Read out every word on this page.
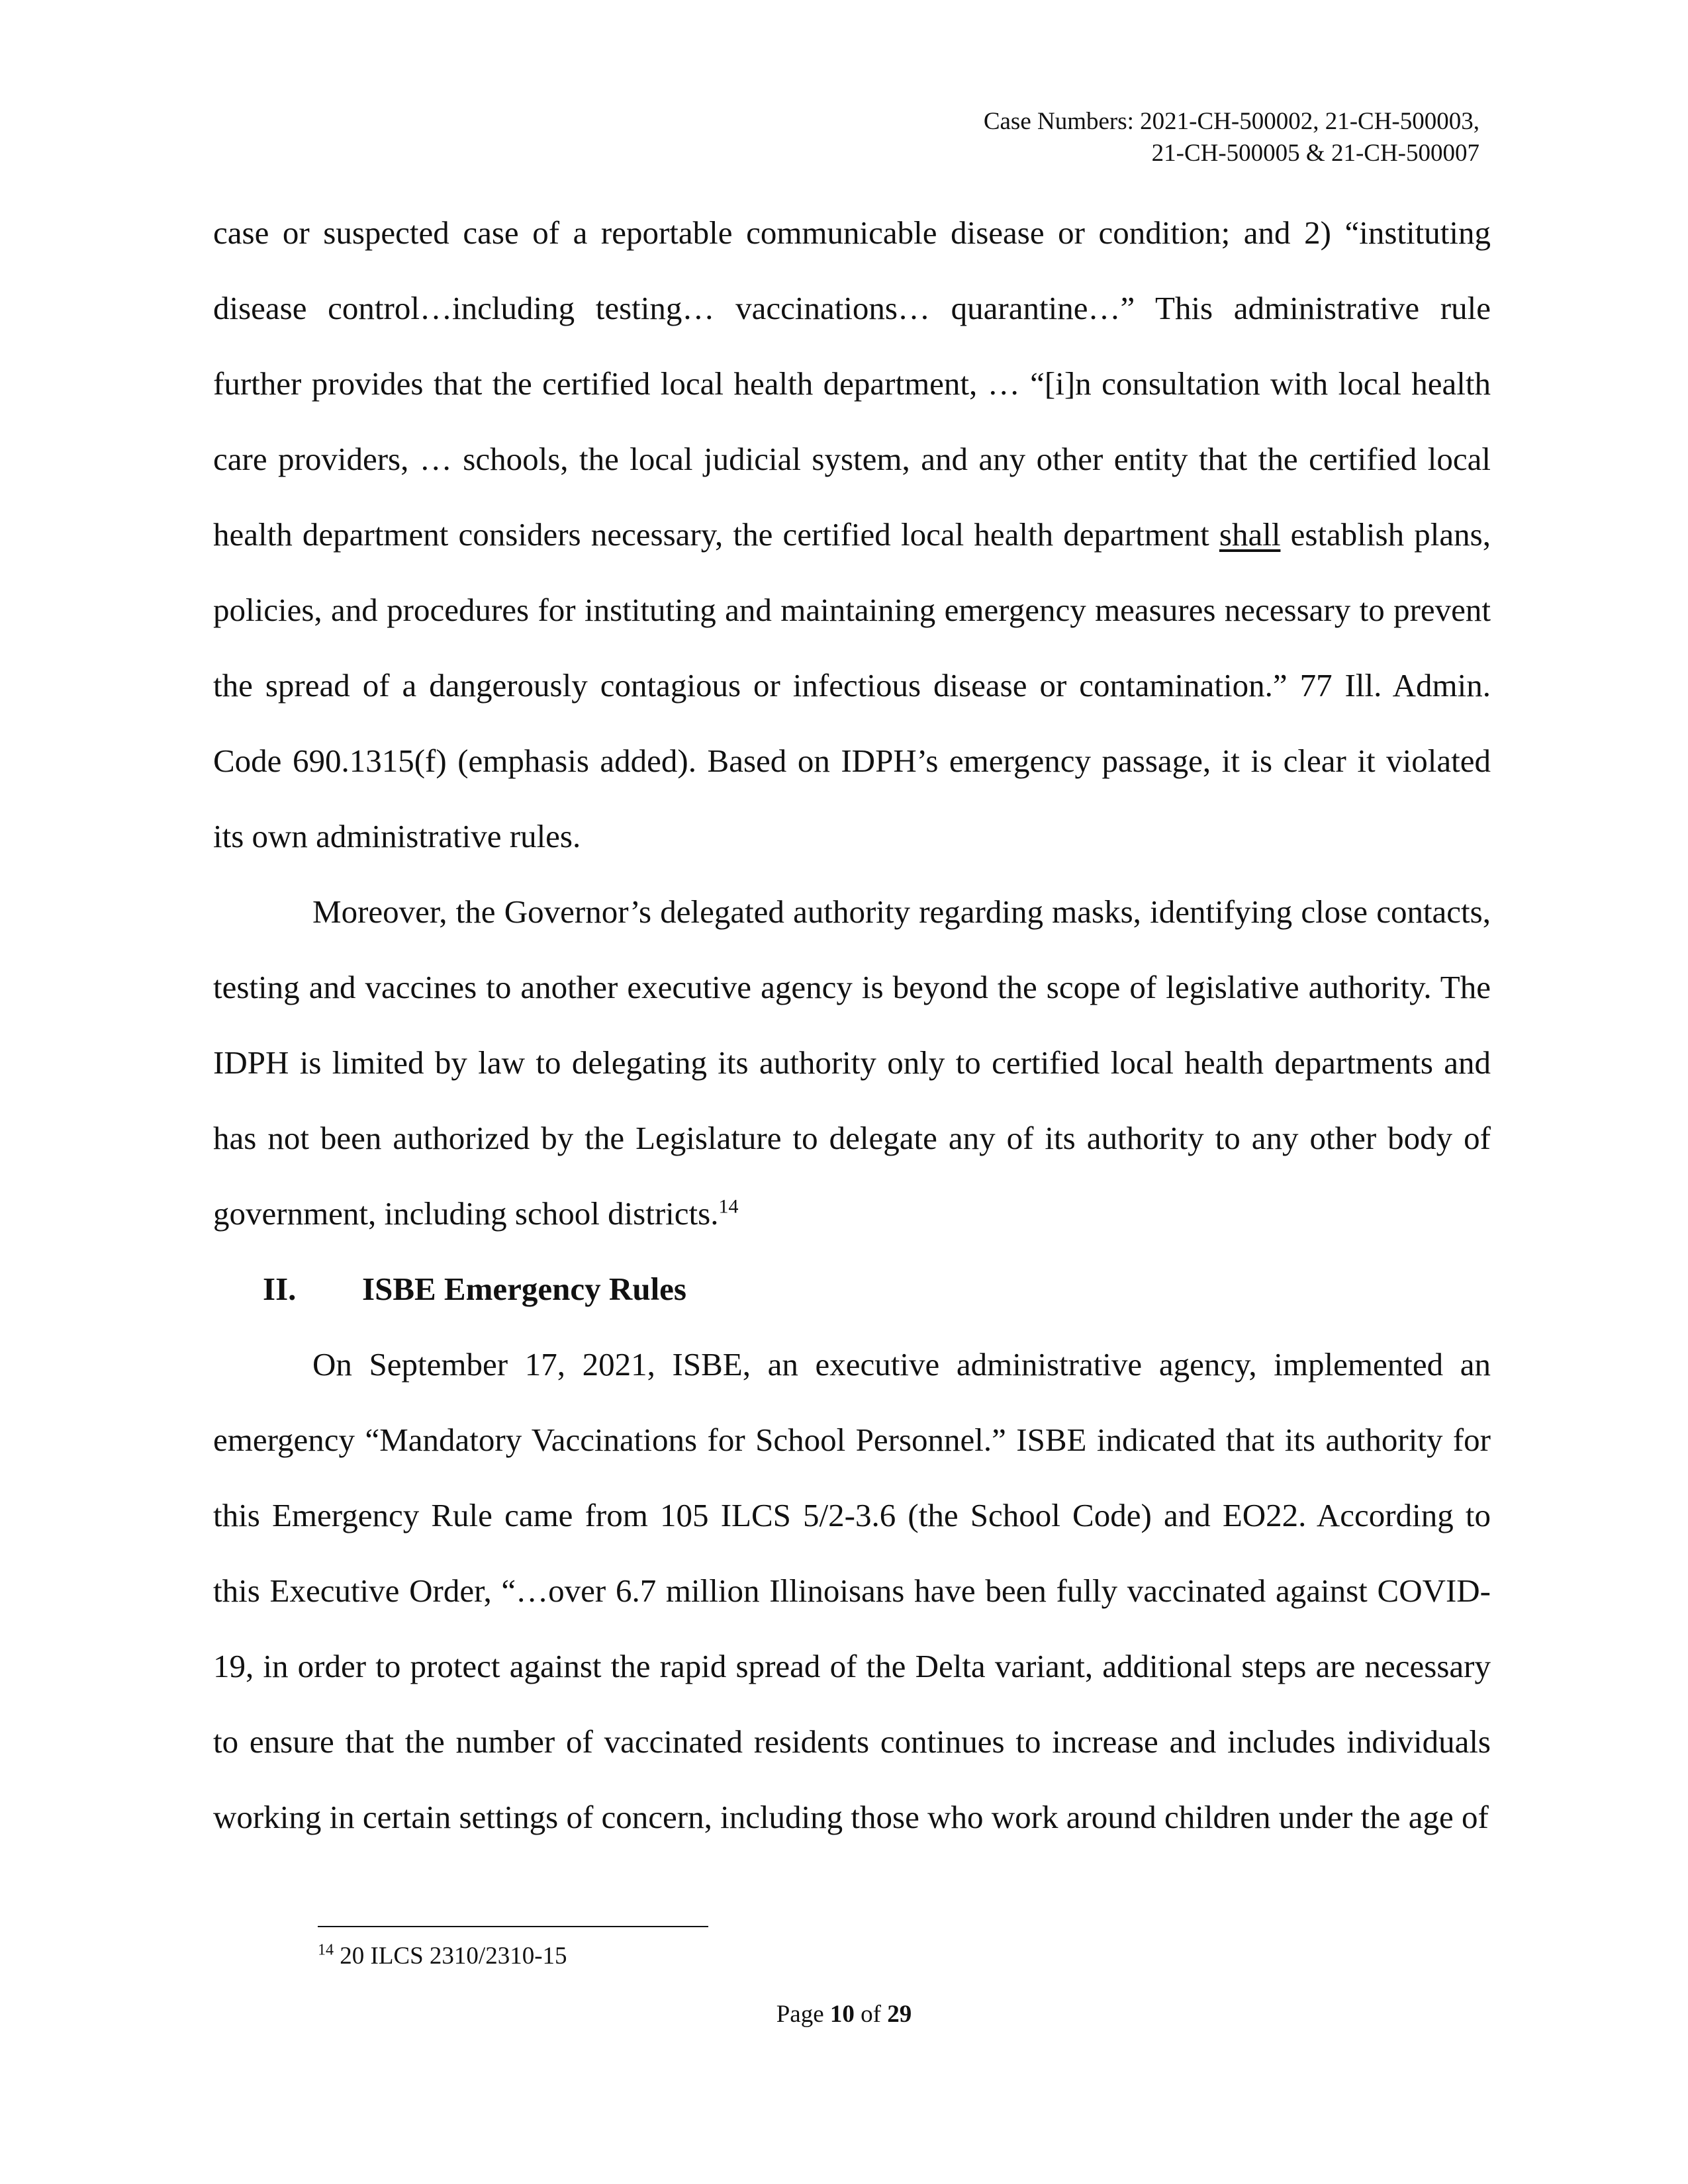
Case Numbers: 2021-CH-500002, 21-CH-500003,
21-CH-500005 & 21-CH-500007

case or suspected case of a reportable communicable disease or condition; and 2) “instituting disease control…including testing… vaccinations… quarantine…” This administrative rule further provides that the certified local health department, … “[i]n consultation with local health care providers, … schools, the local judicial system, and any other entity that the certified local health department considers necessary, the certified local health department shall establish plans, policies, and procedures for instituting and maintaining emergency measures necessary to prevent the spread of a dangerously contagious or infectious disease or contamination.” 77 Ill. Admin. Code 690.1315(f) (emphasis added). Based on IDPH’s emergency passage, it is clear it violated its own administrative rules.

Moreover, the Governor’s delegated authority regarding masks, identifying close contacts, testing and vaccines to another executive agency is beyond the scope of legislative authority. The IDPH is limited by law to delegating its authority only to certified local health departments and has not been authorized by the Legislature to delegate any of its authority to any other body of government, including school districts.$^{14}$

II. ISBE Emergency Rules

On September 17, 2021, ISBE, an executive administrative agency, implemented an emergency “Mandatory Vaccinations for School Personnel.” ISBE indicated that its authority for this Emergency Rule came from 105 ILCS 5/2-3.6 (the School Code) and EO22. According to this Executive Order, “…over 6.7 million Illinoisans have been fully vaccinated against COVID-19, in order to protect against the rapid spread of the Delta variant, additional steps are necessary to ensure that the number of vaccinated residents continues to increase and includes individuals working in certain settings of concern, including those who work around children under the age of

$^{14}$ 20 ILCS 2310/2310-15
Page 10 of 29
